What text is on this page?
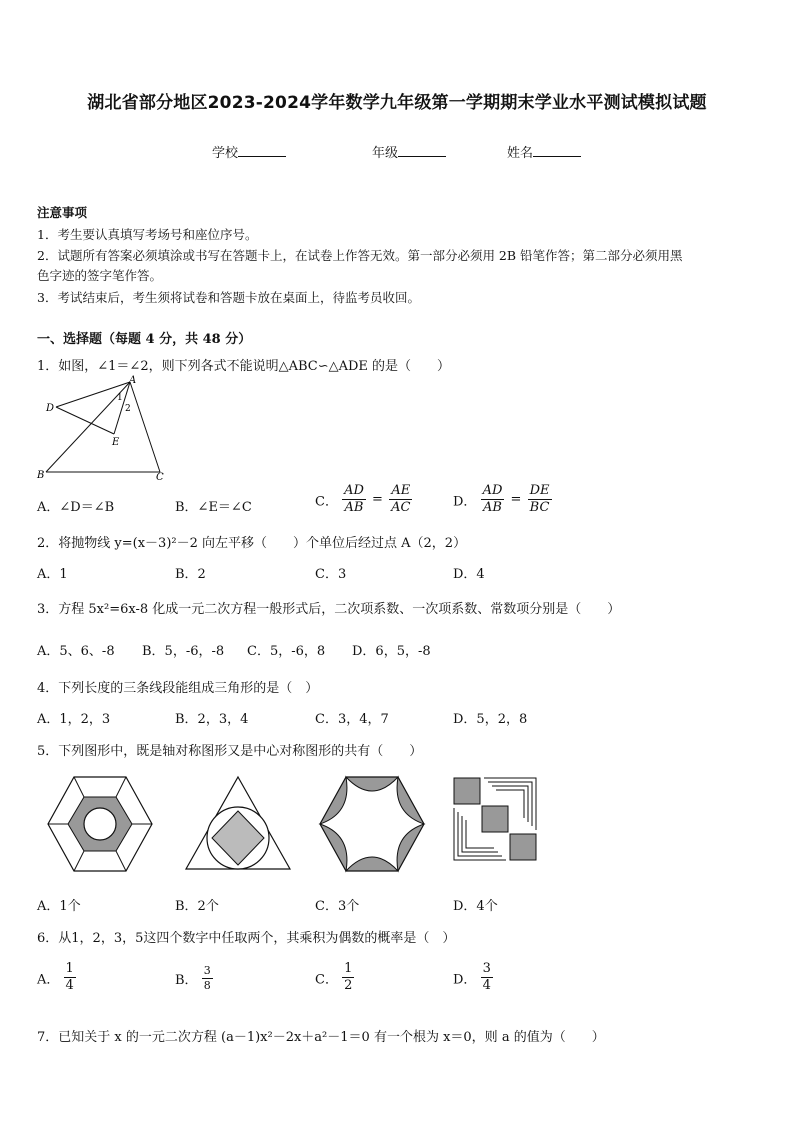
湖北省部分地区2023-2024学年数学九年级第一学期期末学业水平测试模拟试题
学校	年级	姓名
注意事项
1．考生要认真填写考场号和座位序号。
2．试题所有答案必须填涂或书写在答题卡上，在试卷上作答无效。第一部分必须用 2B 铅笔作答；第二部分必须用黑
色字迹的签字笔作答。
3．考试结束后，考生须将试卷和答题卡放在桌面上，待监考员收回。
一、选择题（每题 4 分，共 48 分）
1．如图，∠1＝∠2，则下列各式不能说明△ABC∽△ADE 的是（　　）
A
D
E
B	C
1
2
A．∠D＝∠B	B．∠E＝∠C	C． $\frac{AD}{AB} = \frac{AE}{AC}$	D． $\frac{AD}{AB} = \frac{DE}{BC}$
2．将抛物线 y=(x－3)²－2 向左平移（　　）个单位后经过点 A（2，2）
A．1	B．2	C．3	D．4
3．方程 5x²=6x-8 化成一元二次方程一般形式后，二次项系数、一次项系数、常数项分别是（　　）
A．5、6、-8 B．5，-6，-8 C．5，-6，8 D．6，5，-8
4．下列长度的三条线段能组成三角形的是（　）
A．1，2，3	B．2，3，4	C．3，4，7	D．5，2，8
5．下列图形中，既是轴对称图形又是中心对称图形的共有（　　）
A．1个	B．2个	C．3个	D．4个
6．从1，2，3，5这四个数字中任取两个，其乘积为偶数的概率是（　）
A． $\frac{1}{4}$	B． $\frac{3}{8}$	C． $\frac{1}{2}$	D． $\frac{3}{4}$
7．已知关于 x 的一元二次方程 (a－1)x²－2x＋a²－1＝0 有一个根为 x＝0，则 a 的值为（　　）
